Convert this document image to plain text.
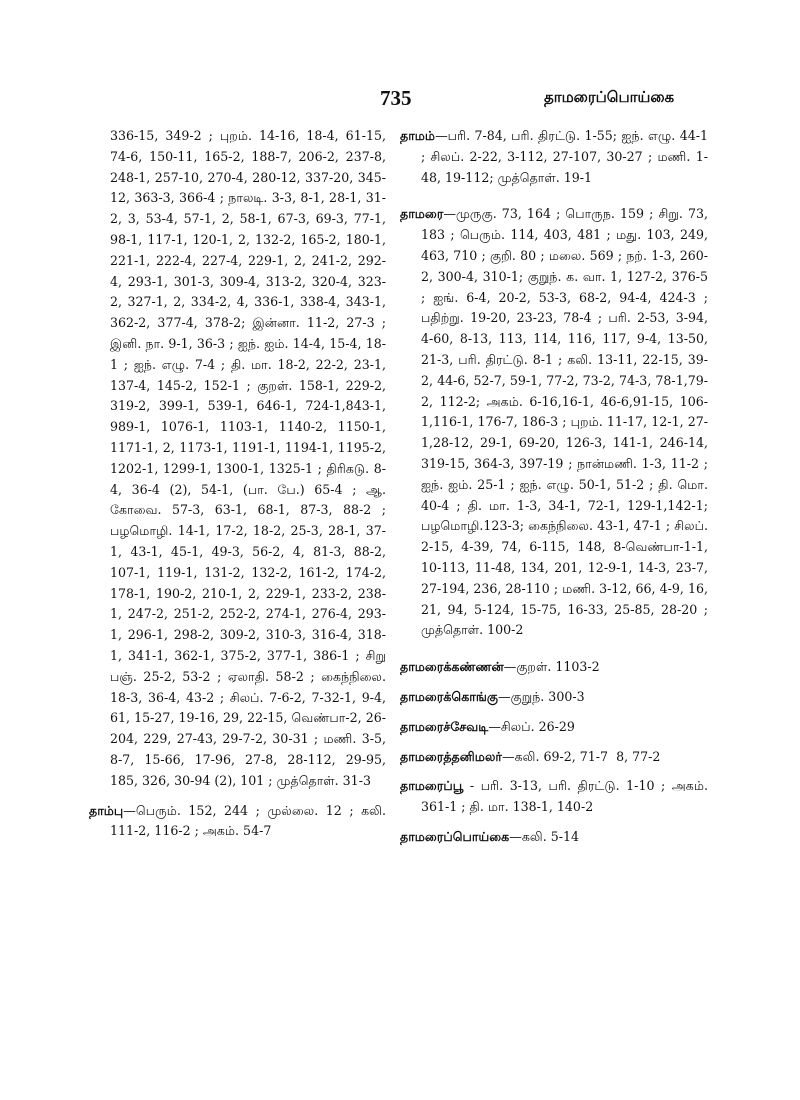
735	தாமரைப்பொய்கை

336-15, 349-2 ; புறம். 14-16, 18-4, 61-15, 74-6, 150-11, 165-2, 188-7, 206-2, 237-8, 248-1, 257-10, 270-4, 280-12, 337-20, 345-12, 363-3, 366-4 ; நாலடி. 3-3, 8-1, 28-1, 31-2, 3, 53-4, 57-1, 2, 58-1, 67-3, 69-3, 77-1, 98-1, 117-1, 120-1, 2, 132-2, 165-2, 180-1, 221-1, 222-4, 227-4, 229-1, 2, 241-2, 292-4, 293-1, 301-3, 309-4, 313-2, 320-4, 323-2, 327-1, 2, 334-2, 4, 336-1, 338-4, 343-1, 362-2, 377-4, 378-2; இன்னா. 11-2, 27-3 ; இனி. நா. 9-1, 36-3 ; ஐந். ஐம். 14-4, 15-4, 18-1 ; ஐந். எழு. 7-4 ; தி. மா. 18-2, 22-2, 23-1, 137-4, 145-2, 152-1 ; குறள். 158-1, 229-2, 319-2, 399-1, 539-1, 646-1, 724-1,843-1, 989-1, 1076-1, 1103-1, 1140-2, 1150-1, 1171-1, 2, 1173-1, 1191-1, 1194-1, 1195-2, 1202-1, 1299-1, 1300-1, 1325-1 ; திரிகடு. 8-4, 36-4 (2), 54-1, (பா. பே.) 65-4 ; ஆ. கோவை. 57-3, 63-1, 68-1, 87-3, 88-2 ; பழமொழி. 14-1, 17-2, 18-2, 25-3, 28-1, 37-1, 43-1, 45-1, 49-3, 56-2, 4, 81-3, 88-2, 107-1, 119-1, 131-2, 132-2, 161-2, 174-2, 178-1, 190-2, 210-1, 2, 229-1, 233-2, 238-1, 247-2, 251-2, 252-2, 274-1, 276-4, 293-1, 296-1, 298-2, 309-2, 310-3, 316-4, 318-1, 341-1, 362-1, 375-2, 377-1, 386-1 ; சிறு பஞ். 25-2, 53-2 ; ஏலாதி. 58-2 ; கைந்நிலை. 18-3, 36-4, 43-2 ; சிலப். 7-6-2, 7-32-1, 9-4, 61, 15-27, 19-16, 29, 22-15, வெண்பா-2, 26-204, 229, 27-43, 29-7-2, 30-31 ; மணி. 3-5, 8-7, 15-66, 17-96, 27-8, 28-112, 29-95, 185, 326, 30-94 (2), 101 ; முத்தொள். 31-3

தாம்பு—பெரும். 152, 244 ; முல்லை. 12 ; கலி. 111-2, 116-2 ; அகம். 54-7

தாமம்—பரி. 7-84, பரி. திரட்டு. 1-55; ஐந். எழு. 44-1 ; சிலப். 2-22, 3-112, 27-107, 30-27 ; மணி. 1-48, 19-112; முத்தொள். 19-1

தாமரை—முருகு. 73, 164 ; பொருந. 159 ; சிறு. 73, 183 ; பெரும். 114, 403, 481 ; மது. 103, 249, 463, 710 ; குறி. 80 ; மலை. 569 ; நற். 1-3, 260-2, 300-4, 310-1; குறுந். க. வா. 1, 127-2, 376-5 ; ஐங். 6-4, 20-2, 53-3, 68-2, 94-4, 424-3 ; பதிற்று. 19-20, 23-23, 78-4 ; பரி. 2-53, 3-94, 4-60, 8-13, 113, 114, 116, 117, 9-4, 13-50, 21-3, பரி. திரட்டு. 8-1 ; கலி. 13-11, 22-15, 39-2, 44-6, 52-7, 59-1, 77-2, 73-2, 74-3, 78-1,79-2, 112-2; அகம். 6-16,16-1, 46-6,91-15, 106-1,116-1, 176-7, 186-3 ; புறம். 11-17, 12-1, 27-1,28-12, 29-1, 69-20, 126-3, 141-1, 246-14, 319-15, 364-3, 397-19 ; நான்மணி. 1-3, 11-2 ; ஐந். ஐம். 25-1 ; ஐந். எழு. 50-1, 51-2 ; தி. மொ. 40-4 ; தி. மா. 1-3, 34-1, 72-1, 129-1,142-1; பழமொழி.123-3; கைந்நிலை. 43-1, 47-1 ; சிலப். 2-15, 4-39, 74, 6-115, 148, 8-வெண்பா-1-1, 10-113, 11-48, 134, 201, 12-9-1, 14-3, 23-7, 27-194, 236, 28-110 ; மணி. 3-12, 66, 4-9, 16, 21, 94, 5-124, 15-75, 16-33, 25-85, 28-20 ; முத்தொள். 100-2

தாமரைக்கண்ணன்—குறள். 1103-2

தாமரைக்கொங்கு—குறுந். 300-3

தாமரைச்சேவடி—சிலப். 26-29

தாமரைத்தனிமலர்—கலி. 69-2, 71-7 ‍ 8, 77-2

தாமரைப்பூ - பரி. 3-13, பரி. திரட்டு. 1-10 ; அகம். 361-1 ; தி. மா. 138-1, 140-2

தாமரைப்பொய்கை—கலி. 5-14
